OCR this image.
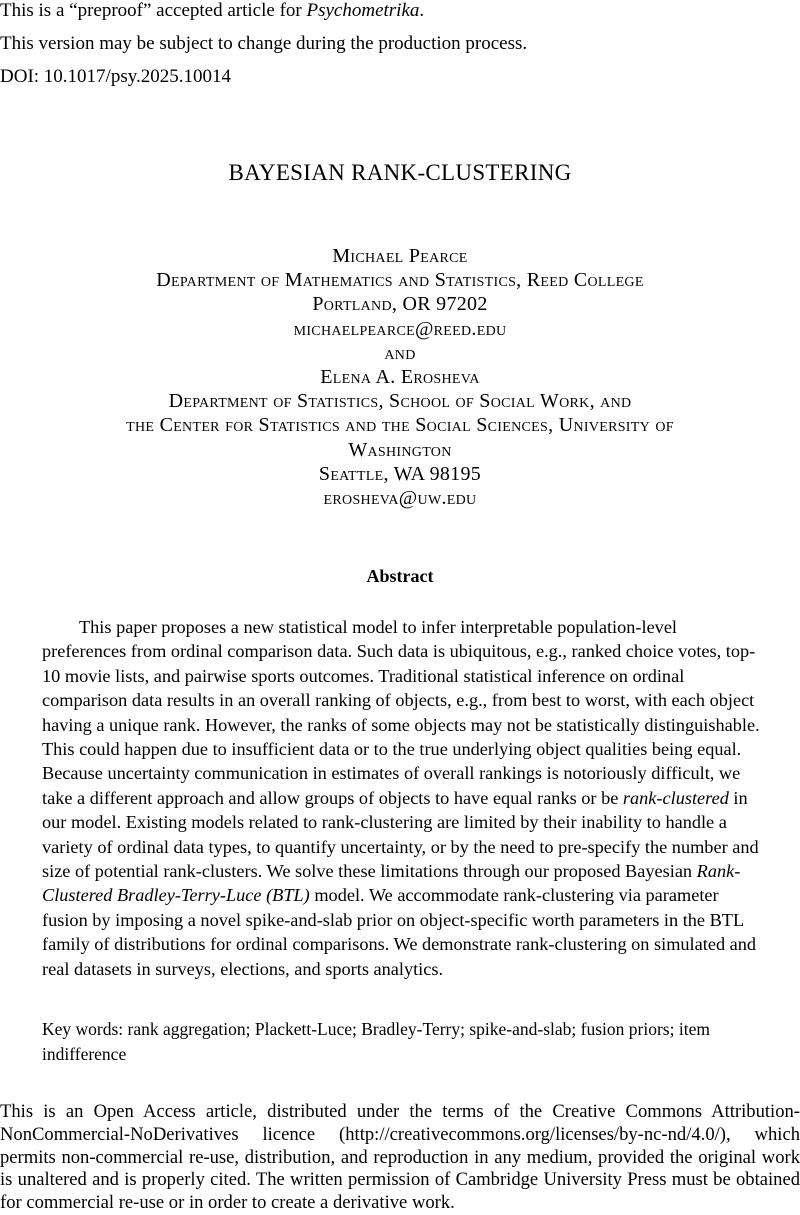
This is a “preproof” accepted article for Psychometrika.
This version may be subject to change during the production process.
DOI: 10.1017/psy.2025.10014
BAYESIAN RANK-CLUSTERING
Michael Pearce
Department of Mathematics and Statistics, Reed College
Portland, OR 97202
michaelpearce@reed.edu
and
Elena A. Erosheva
Department of Statistics, School of Social Work, and
the Center for Statistics and the Social Sciences, University of
Washington
Seattle, WA 98195
erosheva@uw.edu
Abstract

This paper proposes a new statistical model to infer interpretable population-level preferences from ordinal comparison data. Such data is ubiquitous, e.g., ranked choice votes, top-10 movie lists, and pairwise sports outcomes. Traditional statistical inference on ordinal comparison data results in an overall ranking of objects, e.g., from best to worst, with each object having a unique rank. However, the ranks of some objects may not be statistically distinguishable. This could happen due to insufficient data or to the true underlying object qualities being equal. Because uncertainty communication in estimates of overall rankings is notoriously difficult, we take a different approach and allow groups of objects to have equal ranks or be rank-clustered in our model. Existing models related to rank-clustering are limited by their inability to handle a variety of ordinal data types, to quantify uncertainty, or by the need to pre-specify the number and size of potential rank-clusters. We solve these limitations through our proposed Bayesian Rank-Clustered Bradley-Terry-Luce (BTL) model. We accommodate rank-clustering via parameter fusion by imposing a novel spike-and-slab prior on object-specific worth parameters in the BTL family of distributions for ordinal comparisons. We demonstrate rank-clustering on simulated and real datasets in surveys, elections, and sports analytics.

Key words: rank aggregation; Plackett-Luce; Bradley-Terry; spike-and-slab; fusion priors; item indifference

This is an Open Access article, distributed under the terms of the Creative Commons Attribution-NonCommercial-NoDerivatives licence (http://creativecommons.org/licenses/by-nc-nd/4.0/), which permits non-commercial re-use, distribution, and reproduction in any medium, provided the original work is unaltered and is properly cited. The written permission of Cambridge University Press must be obtained for commercial re-use or in order to create a derivative work.
